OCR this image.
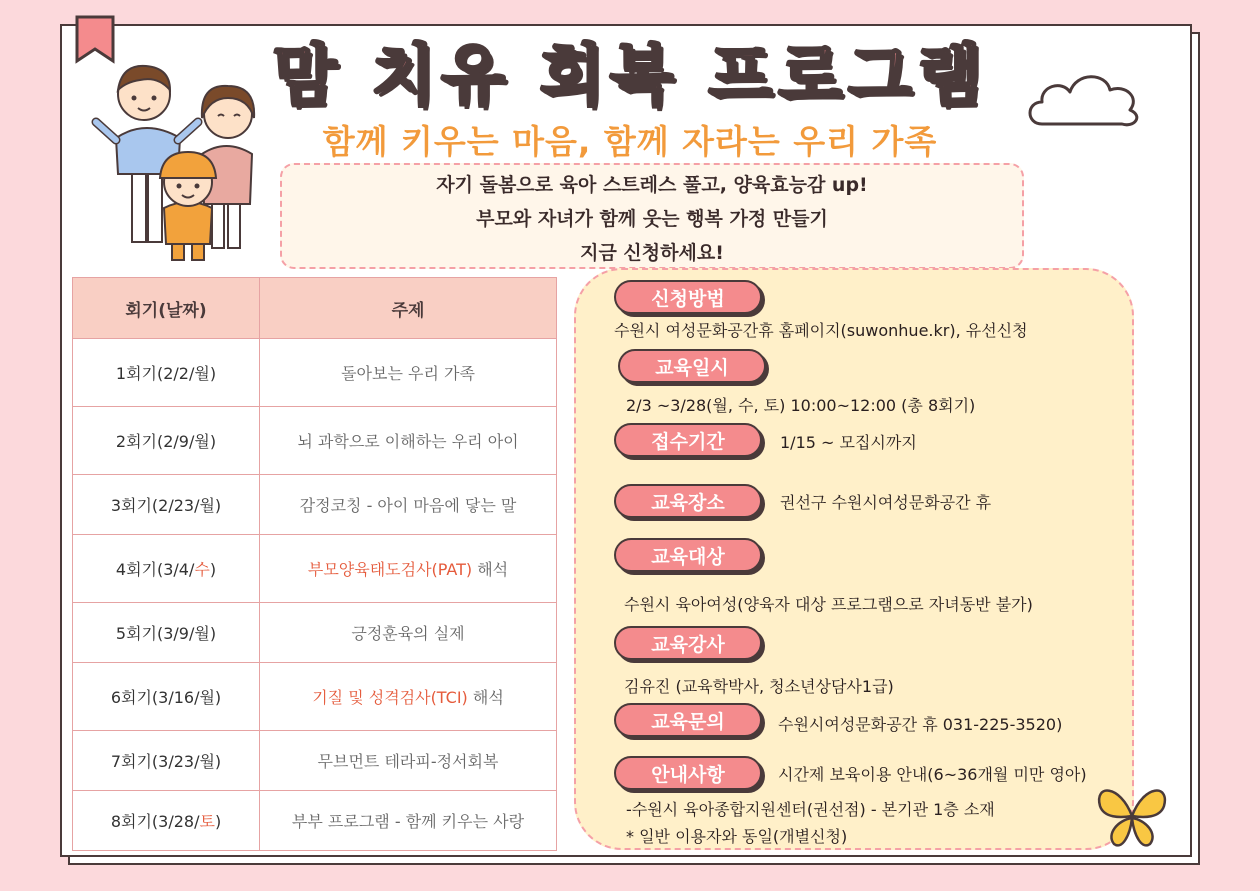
맘 치유 회복 프로그램
함께 키우는 마음, 함께 자라는 우리 가족
자기 돌봄으로 육아 스트레스 풀고, 양육효능감 up!
부모와 자녀가 함께 웃는 행복 가정 만들기
지금 신청하세요!
회기(날짜)	주제
1회기(2/2/월)	돌아보는 우리 가족
2회기(2/9/월)	뇌 과학으로 이해하는 우리 아이
3회기(2/23/월)	감정코칭 - 아이 마음에 닿는 말
4회기(3/4/수)	부모양육태도검사(PAT) 해석
5회기(3/9/월)	긍정훈육의 실제
6회기(3/16/월)	기질 및 성격검사(TCI) 해석
7회기(3/23/월)	무브먼트 테라피-정서회복
8회기(3/28/토)	부부 프로그램 - 함께 키우는 사랑
신청방법
수원시 여성문화공간휴 홈페이지(suwonhue.kr), 유선신청
교육일시
2/3 ~3/28(월, 수, 토) 10:00~12:00 (총 8회기)
접수기간	1/15 ~ 모집시까지
교육장소	권선구 수원시여성문화공간 휴
교육대상
수원시 육아여성(양육자 대상 프로그램으로 자녀동반 불가)
교육강사
김유진 (교육학박사, 청소년상담사1급)
교육문의	수원시여성문화공간 휴 031-225-3520)
안내사항	시간제 보육이용 안내(6~36개월 미만 영아)
-수원시 육아종합지원센터(권선점) - 본기관 1층 소재
* 일반 이용자와 동일(개별신청)
